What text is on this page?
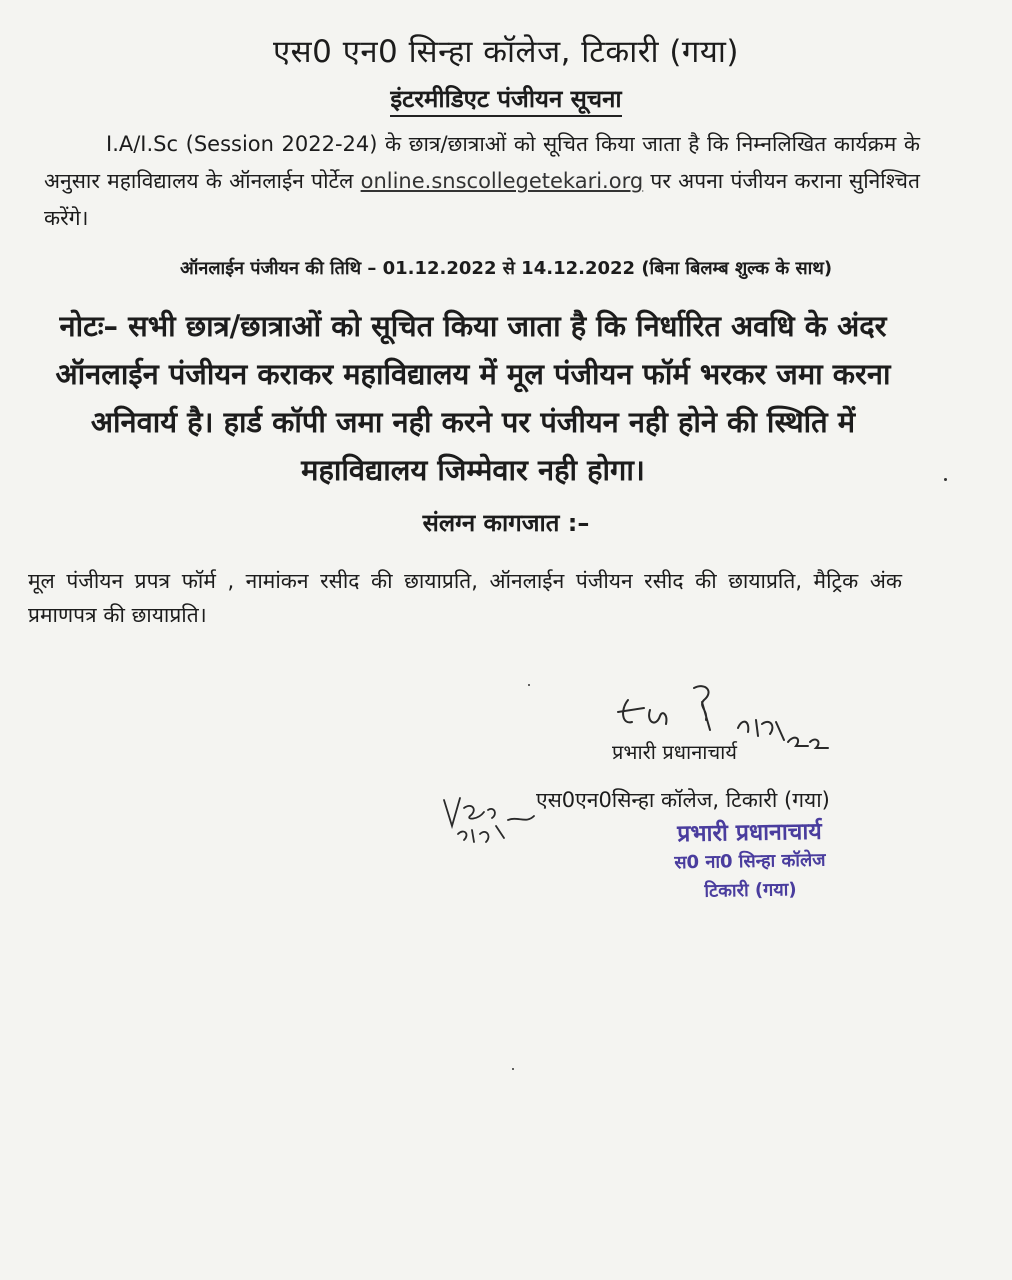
एस0 एन0 सिन्हा कॉलेज, टिकारी (गया)
इंटरमीडिएट पंजीयन सूचना
I.A/I.Sc (Session 2022-24) के छात्र/छात्राओं को सूचित किया जाता है कि निम्नलिखित कार्यक्रम के अनुसार महाविद्यालय के ऑनलाईन पोर्टेल online.snscollegetekari.org पर अपना पंजीयन कराना सुनिश्चित करेंगे।
ऑनलाईन पंजीयन की तिथि – 01.12.2022 से 14.12.2022 (बिना बिलम्ब शुल्क के साथ)
नोटः– सभी छात्र/छात्राओं को सूचित किया जाता है कि निर्धारित अवधि के अंदर ऑनलाईन पंजीयन कराकर महाविद्यालय में मूल पंजीयन फॉर्म भरकर जमा करना अनिवार्य है। हार्ड कॉपी जमा नही करने पर पंजीयन नही होने की स्थिति में महाविद्यालय जिम्मेवार नही होगा।
संलग्न कागजात :–
मूल पंजीयन प्रपत्र फॉर्म , नामांकन रसीद की छायाप्रति, ऑनलाईन पंजीयन रसीद की छायाप्रति, मैट्रिक अंक प्रमाणपत्र की छायाप्रति।
प्रभारी प्रधानाचार्य
एस0एन0सिन्हा कॉलेज, टिकारी (गया)
प्रभारी प्रधानाचार्य
स0 ना0 सिन्हा कॉलेज
टिकारी (गया)
